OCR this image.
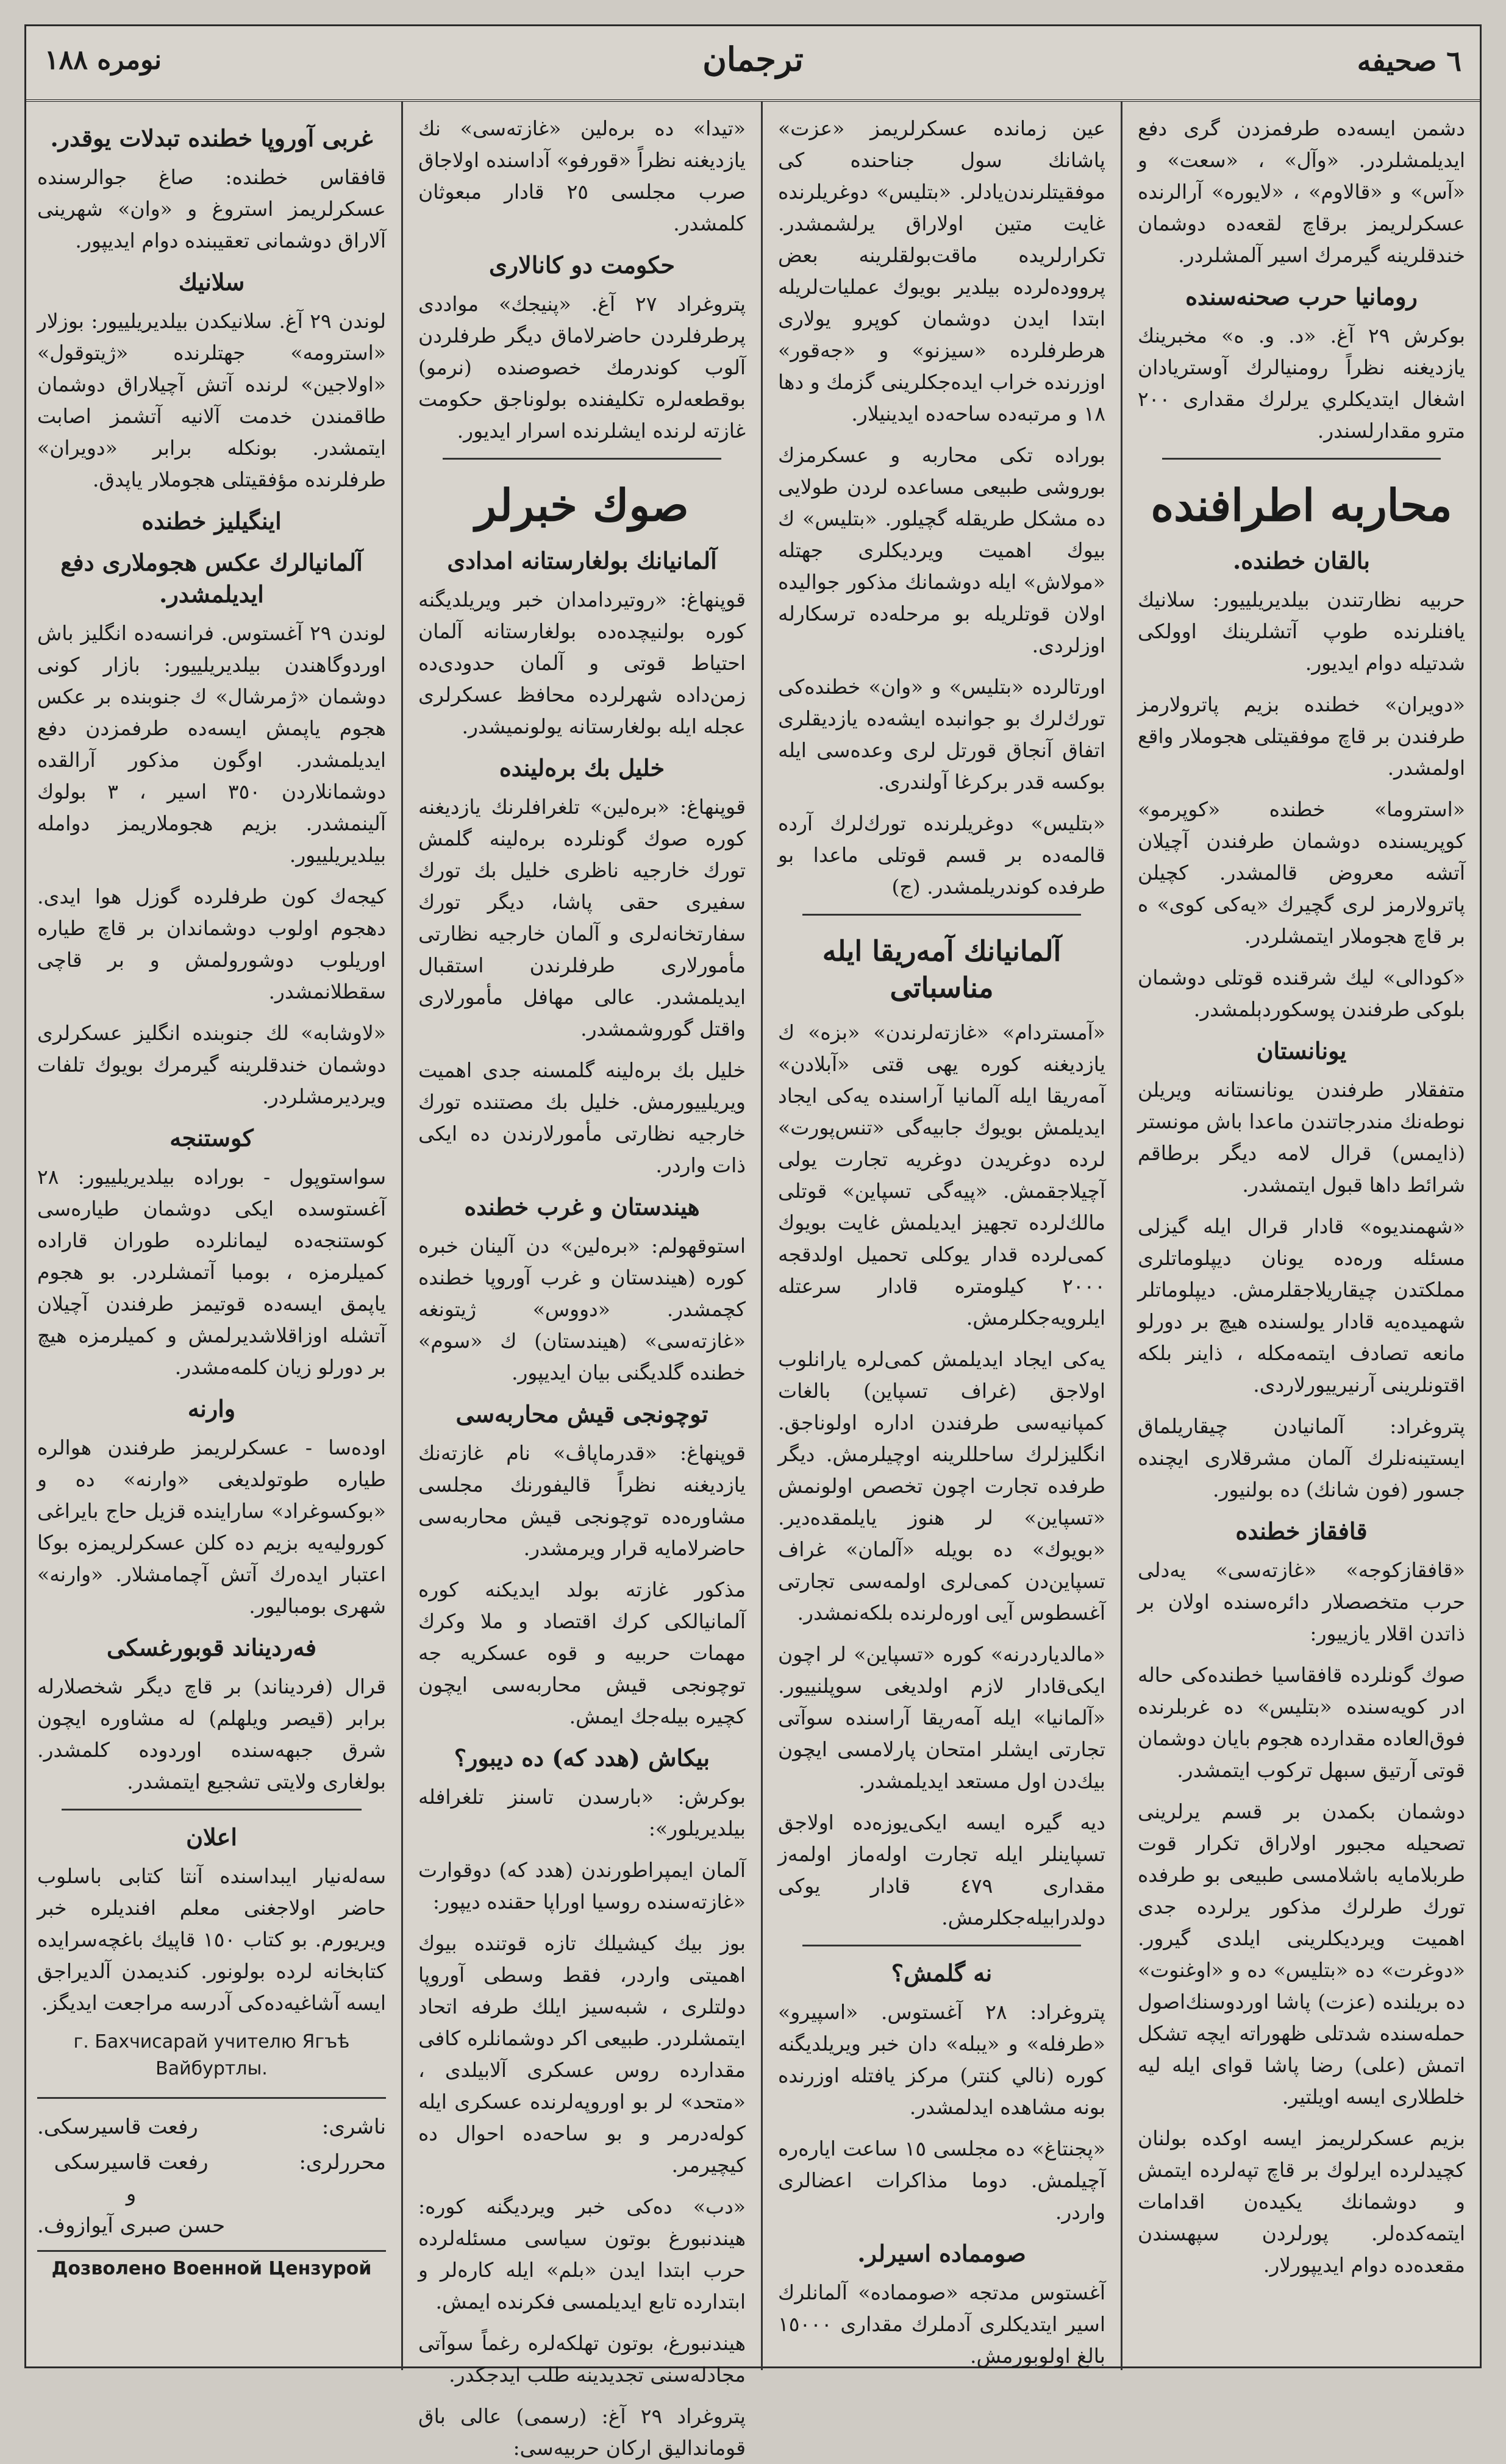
٦ صحيفه
ترجمان
نومره ١٨٨

دشمن ايسه‌ده طرفمزدن گری دفع ايديلمشلردر. «وآل» ، «سعت» و «آس» و «قالاوم» ، «لايوره» آرالرنده عسكرلريمز برقاچ لقعه‌ده دوشمان خندقلرينه گيرمرك اسير آلمشلردر.

رومانيا حرب صحنه‌سنده

بوكرش ٢٩ آغ. «د. و. ه» مخبرينك يازديغنه نظراً رومنيالرك آوستريادان اشغال ايتديكلري يرلرك مقداری ٢٠٠ مترو مقدارلسندر.

محاربه اطرافنده
بالقان خطنده.

حربيه نظارتندن بيلديريلييور: سلانيك يافنلرنده طوپ آتشلرينك اوولكی شدتيله دوام ايديور.

«دويران» خطنده بزيم پاترولارمز طرفندن بر قاچ موفقيتلی هجوملار واقع اولمشدر.

«استروما» خطنده «كوپرمو» كوپريسنده دوشمان طرفندن آچيلان آتشه معروض قالمشدر. كچيلن پاترولارمز لری گچيرك «يه‌كی كوی» ه بر قاچ هجوملار ايتمشلردر.

«كودالی» ليك شرقنده قوتلی دوشمان بلوكی طرفندن پوسكوردېلمشدر.

يونانستان

متفقلار طرفندن يونانستانه ويريلن نوطه‌نك مندرجاتندن ماعدا باش مونستر (ذايمس) قرال لامه ديگر برطاقم شرائط داها قبول ايتمشدر.

«شهمنديوه» قادار قرال ايله گيزلی مسئله وره‌ده يونان ديپلوماتلری مملكتدن چيقاريلاجقلرمش. ديپلوماتلر شهميده‌يه قادار يولسنده هيچ بر دورلو مانعه تصادف ايتمه‌مكله ، ذاينر بلكه اقتونلرينی آرنيرييورلاردی.

پتروغراد: آلمانيادن چيقاريلماق ايستينه‌نلرك آلمان مشرقلاری ايچنده جسور (فون شانك) ده بولنيور.

قافقاز خطنده

«قافقازكوجه» «غازته‌سی» يه‌دلی حرب متخصصلار دائره‌سنده اولان بر ذاتدن اقلار يازييور:

صوك گونلرده قافقاسيا خطنده‌كی حاله ادر كويه‌سنده «بتليس» ده غربلرنده فوق‌العاده مقدارده هجوم بايان دوشمان قوتی آرتيق سبهل تركوب ايتمشدر.

دوشمان بكمدن بر قسم يرلرينی تصحيله مجبور اولاراق تكرار قوت طربلامايه باشلامسی طبيعی بو طرفده تورك طرلرك مذكور يرلرده جدی اهميت ويرديكلرينی ايلدی گيرور. «دوغرت» ده «بتليس» ده و «اوغنوت» ده بريلنده (عزت) پاشا اوردوسنك‌اصول حمله‌سنده شدتلی ظهوراته ايچه تشكل اتمش (على) رضا پاشا قوای ايله ليه خلطلاری ايسه اويلتير.

بزيم عسكرلريمز ايسه اوكده بولنان كچيدلرده ايرلوك بر قاچ تپه‌لرده ايتمش و دوشمانك يكيده‌ن اقدامات ايتمه‌كده‌لر. پورلردن سپهسندن مقعده‌ده دوام ايديپورلار.

عين زمانده عسكرلريمز «عزت» پاشانك سول جناحنده كی موفقيتلرندن‌يادلر. «بتليس» دوغريلرنده غايت متين اولاراق يرلشمشدر. تكرارلريده ماقت‌بولقلرينه بعض پرووده‌لرده بيلدير بويوك عمليات‌لريله ابتدا ايدن دوشمان كوپرو يولاری هرطرفلرده «سيزنو» و «جه‌قور» اوزرنده خراب ايده‌جكلرينی گزمك و دها ١٨ و مرتبه‌ده ساحه‌ده ايدينيلار.

بوراده تكی محاربه و عسكرمزك بوروشی طبيعی مساعده لردن طولايی ده مشكل طريقله گچيلور. «بتليس» ك بيوك اهميت ويرديكلری جهتله «مولاش» ايله دوشمانك مذكور جوالیده اولان قوتلريله بو مرحله‌ده ترسكارله اوزلردی.

اورتالرده «بتليس» و «وان» خطنده‌كی تورك‌لرك بو جوانبده ايشه‌ده يازديقلری اتفاق آنجاق قورتل لری وعده‌سی ايله بوكسه قدر بركرغا آولندری.

«بتليس» دوغريلرنده تورك‌لرك آرده قالمه‌ده بر قسم قوتلی ماعدا بو طرفده كوندريلمشدر. (ج)

آلمانيانك آمه‌ريقا ايله مناسباتی

«آمستردام» «غازته‌لرندن» «بزه» ك يازديغنه كوره يهى قتی «آبلادن» آمه‌ريقا ايله آلمانيا آراسنده يه‌كی ايجاد ايديلمش بويوك جابيه‌گی «تنس‌پورت» لرده دوغريدن دوغريه تجارت يولی آچيلاجقمش. «پيه‌گی تسپاين» قوتلی مالك‌لرده تجهيز ايديلمش غايت بويوك كمی‌لرده قدار يوكلی تحميل اولدقجه ٢٠٠٠ كيلومتره قادار سرعتله ايلرويه‌جكلرمش.

يه‌كی ايجاد ايديلمش كمی‌لره يارانلوب اولاجق (غراف تسپاين) بالغات كمپانيه‌سی طرفندن اداره اولوناجق. انگليزلرك ساحللرينه اوچيلرمش. ديگر طرفده تجارت اچون تخصص اولونمش «تسپاين» لر هنوز يايلمقده‌دير. «بويوك» ده بويله «آلمان» غراف تسپاين‌دن كمی‌لری اولمه‌سی تجارتی آغسطوس آيی اوره‌لرنده بلكه‌نمشدر.

«مالدياردرنه» كوره «تسپاين» لر اچون ايكی‌قادار لازم اولديغی سوپلنييور. «آلمانيا» ايله آمه‌ريقا آراسنده سوآتی تجارتی ايشلر امتحان پارلامسی ايچون بيك‌دن اول مستعد ايديلمشدر.

ديه گيره ايسه ايكی‌يوزه‌ده اولاجق تسپاينلر ايله تجارت اوله‌ماز اولمه‌ز مقداری ٤٧٩ قادار يوكی دولدرابيله‌جكلرمش.

نه گلمش؟

پتروغراد: ٢٨ آغستوس. «اسپيرو» «طرفله» و «يبله» دان خبر ويريلديگنه كوره (نالي كنتر) مركز يافتله اوزرنده بونه مشاهده ايدلمشدر.

«پجنتاغ» ده مجلسی ١٥ ساعت اياره‌ره آچيلمش. دوما مذاكرات اعضالری واردر.

صومماده اسيرلر.

آغستوس مدتجه «صومماده» آلمانلرك اسير ايتديكلری آدملرك مقداری ١٥٠٠٠ بالغ اولوبورمش.

«تيدا» ده بره‌لين «غازته‌سی» نك يازديغنه نظراً «قورفو» آداسنده اولاجاق صرب مجلسی ٢٥ قادار مبعوثان كلمشدر.

حكومت دو كانالاری

پتروغراد ٢٧ آغ. «پنيجك» مواددی پرطرفلردن حاضرلاماق ديگر طرفلردن آلوب كوندرمك خصوصنده (نرمو) بوقطعه‌لره تكليفنده بولوناجق حكومت غازته لرنده ايشلرنده اسرار ايديور.

صوك خبرلر
آلمانيانك بولغارستانه امدادی

قوپنهاغ: «روتيردامدان خبر ويريلديگنه كوره بولنيچده‌ده بولغارستانه آلمان احتياط قوتی و آلمان حدودی‌ده زمن‌داده شهرلرده محافظ عسكرلری عجله ايله بولغارستانه يولونميشدر.

خليل بك بره‌لينده

قوپنهاغ: «بره‌لين» تلغرافلرنك يازديغنه كوره صوك گونلرده بره‌لينه گلمش تورك خارجيه ناظری خليل بك تورك سفيری حقی پاشا، ديگر تورك سفارتخانه‌لری و آلمان خارجيه نظارتی مأمورلاری طرفلرندن استقبال ايديلمشدر. عالی مهافل مأمورلاری واقتل گوروشمشدر.

خليل بك بره‌لينه گلمسنه جدی اهميت ويريلييورمش. خليل بك مصتنده تورك خارجيه نظارتی مأمورلارندن ده ايكی ذات واردر.

هيندستان و غرب خطنده

استوقهولم: «بره‌لين» دن آلينان خبره كوره (هيندستان و غرب آوروپا خطنده كچمشدر. «دووس» ژيتونغه «غازته‌سی» (هيندستان) ك «سوم» خطنده گلديگنی بيان ايديپور.

توچونجی قيش محاربه‌سی

قوپنهاغ: «قدرماپاڤ» نام غازته‌نك يازديغنه نظراً قاليفورنك مجلسی مشاوره‌ده توچونجی قيش محاربه‌سی حاضرلامايه قرار ويرمشدر.

مذكور غازته بولد ايديكنه كوره آلمانيالكی كرك اقتصاد و ملا وكرك مهمات حربيه و قوه عسكريه جه توچونجی قيش محاربه‌سی ايچون كچيره بيله‌جك ايمش.

بيكاش (هدد كه) ده ديبور؟

بوكرش: «بارسدن تاسنز تلغرافله بيلديريلور»:

آلمان ايمپراطورندن (هدد كه) دوقوارت «غازته‌سنده روسيا اوراپا حقنده ديپور:

بوز بيك كيشيلك تازه قوتنده بيوك اهميتی واردر، فقط وسطی آوروپا دولتلری ، شبه‌سيز ايلك طرفه اتحاد ايتمشلردر. طبيعی اكر دوشمانلره كافی مقدارده روس عسكری آلابيلدی ، «متحد» لر بو اوروپه‌لرنده عسكری ايله كوله‌درمر و بو ساحه‌ده احوال ده كيچيرمر.

«دب» ده‌كی خبر ويرديگنه كوره: هيندنبورغ بوتون سياسی مسئله‌لرده حرب ابتدا ايدن «بلم» ايله كاره‌لر و ابتدارده تابع ايديلمسی فكرنده ايمش.

هيندنبورغ، بوتون تهلكه‌لره رغماً سوآتی مجادله‌سنی تجديدينه طلب ايدجكدر.

پتروغراد ٢٩ آغ: (رسمی) عالی باق قومانداليق اركان حربيه‌سی:

غربی آوروپا خطنده تبدلات يوقدر.

قافقاس خطنده: صاغ جوالرسنده عسكرلريمز استروغ و «وان» شهرينی آلاراق دوشمانی تعقيبنده دوام ايديپور.

سلانيك

لوندن ٢٩ آغ. سلانيكدن بيلديريلييور: بوزلار «استرومه» جهتلرنده «ژيتوقول» «اولاجين» لرنده آتش آچيلاراق دوشمان طاقمندن خدمت آلانيه آتشمز اصابت ايتمشدر. بونكله برابر «دويران» طرفلرنده مؤفقيتلی هجوملار ياپدق.

اينگيليز خطنده
آلمانيالرك عكس هجوملاری دفع ايديلمشدر.

لوندن ٢٩ آغستوس. فرانسه‌ده انگليز باش اوردوگاهندن بيلديريلييور: بازار كونی دوشمان «ژمرشال» ك جنوبنده بر عكس هجوم ياپمش ايسه‌ده طرفمزدن دفع ايديلمشدر. اوگون مذكور آرالقده دوشمانلاردن ٣٥٠ اسير ، ٣ بولوك آلينمشدر. بزيم هجوملاريمز دوامله بيلديريلييور.

كيجه‌ك كون طرفلرده گوزل هوا ايدی. دهجوم اولوب دوشماندان بر قاچ طياره اوريلوب دوشورولمش و بر قاچی سقطلانمشدر.

«لاوشابه» لك جنوبنده انگليز عسكرلری دوشمان خندقلرينه گيرمرك بويوك تلفات ويرديرمشلردر.

كوستنجه

سواستوپول - بوراده بيلديريلييور: ٢٨ آغستوسده ايكی دوشمان طياره‌سی كوستنجه‌ده ليمانلرده طوران قاراده كميلرمزه ، بومبا آتمشلردر. بو هجوم ياپمق ايسه‌ده قوتيمز طرفندن آچيلان آتشله اوزاقلاشديرلمش و كميلرمزه هيچ بر دورلو زيان كلمه‌مشدر.

وارنه

اوده‌سا - عسكرلريمز طرفندن هوالره طياره طوتولديغی «وارنه» ده و «بوكسوغراد» ساراينده قزيل حاج بايراغی كوروليه‌يه بزيم ده كلن عسكرلريمزه بوكا اعتبار ايده‌رك آتش آچمامشلار. «وارنه» شهری بومباليور.

فەردیناند قوبورغسكی

قرال (فرديناند) بر قاچ ديگر شخصلارله برابر (قيصر ويلهلم) له مشاوره ايچون شرق جبهه‌سنده اوردوده كلمشدر. بولغاری ولايتی تشجيع ايتمشدر.

اعلان

سه‌له‌نيار ايبداسنده آنتا كتابی باسلوب حاضر اولاجغنی معلم افنديلره خبر ويريورم. بو كتاب ١٥٠ قاپيك باغچه‌سرايده كتابخانه لرده بولونور. كنديمدن آلديراجق ايسه آشاغيه‌ده‌كی آدرسه مراجعت ايديگز.

г. Бахчисарай учителю Ягъѣ Вайбуртлы.
ناشری:
رفعت قاسيرسكی.
محررلری:
رفعت قاسيرسكی
و
حسن صبری آيوازوف.
Дозволено Военной Цензурой
